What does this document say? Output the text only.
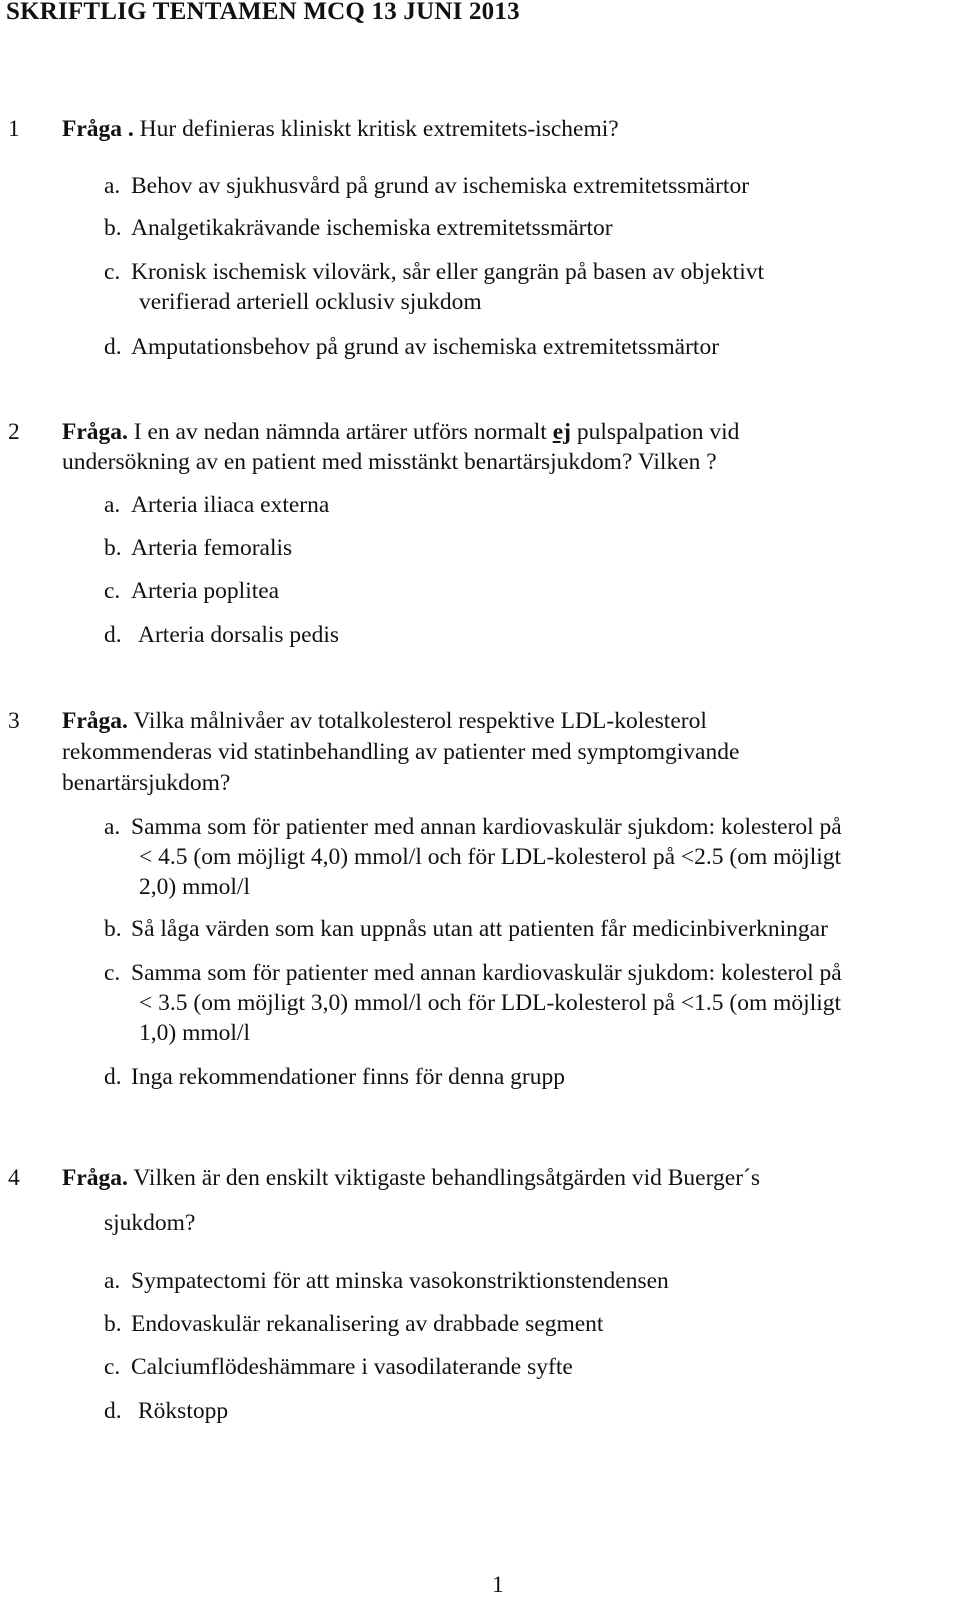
SKRIFTLIG TENTAMEN MCQ 13 JUNI 2013
1 Fråga . Hur definieras kliniskt kritisk extremitets-ischemi?
a. Behov av sjukhusvård på grund av ischemiska extremitetssmärtor
b. Analgetikakrävande ischemiska extremitetssmärtor
c. Kronisk ischemisk vilovärk, sår eller gangrän på basen av objektivt
verifierad arteriell ocklusiv sjukdom
d. Amputationsbehov på grund av ischemiska extremitetssmärtor
2 Fråga. I en av nedan nämnda artärer utförs normalt ej pulspalpation vid
undersökning av en patient med misstänkt benartärsjukdom? Vilken ?
a. Arteria iliaca externa
b. Arteria femoralis
c. Arteria poplitea
d. Arteria dorsalis pedis
3 Fråga. Vilka målnivåer av totalkolesterol respektive LDL-kolesterol
rekommenderas vid statinbehandling av patienter med symptomgivande
benartärsjukdom?
a. Samma som för patienter med annan kardiovaskulär sjukdom: kolesterol på
< 4.5 (om möjligt 4,0) mmol/l och för LDL-kolesterol på <2.5 (om möjligt
2,0) mmol/l
b. Så låga värden som kan uppnås utan att patienten får medicinbiverkningar
c. Samma som för patienter med annan kardiovaskulär sjukdom: kolesterol på
< 3.5 (om möjligt 3,0) mmol/l och för LDL-kolesterol på <1.5 (om möjligt
1,0) mmol/l
d. Inga rekommendationer finns för denna grupp
4 Fråga. Vilken är den enskilt viktigaste behandlingsåtgärden vid Buerger´s
sjukdom?
a. Sympatectomi för att minska vasokonstriktionstendensen
b. Endovaskulär rekanalisering av drabbade segment
c. Calciumflödeshämmare i vasodilaterande syfte
d. Rökstopp
1
